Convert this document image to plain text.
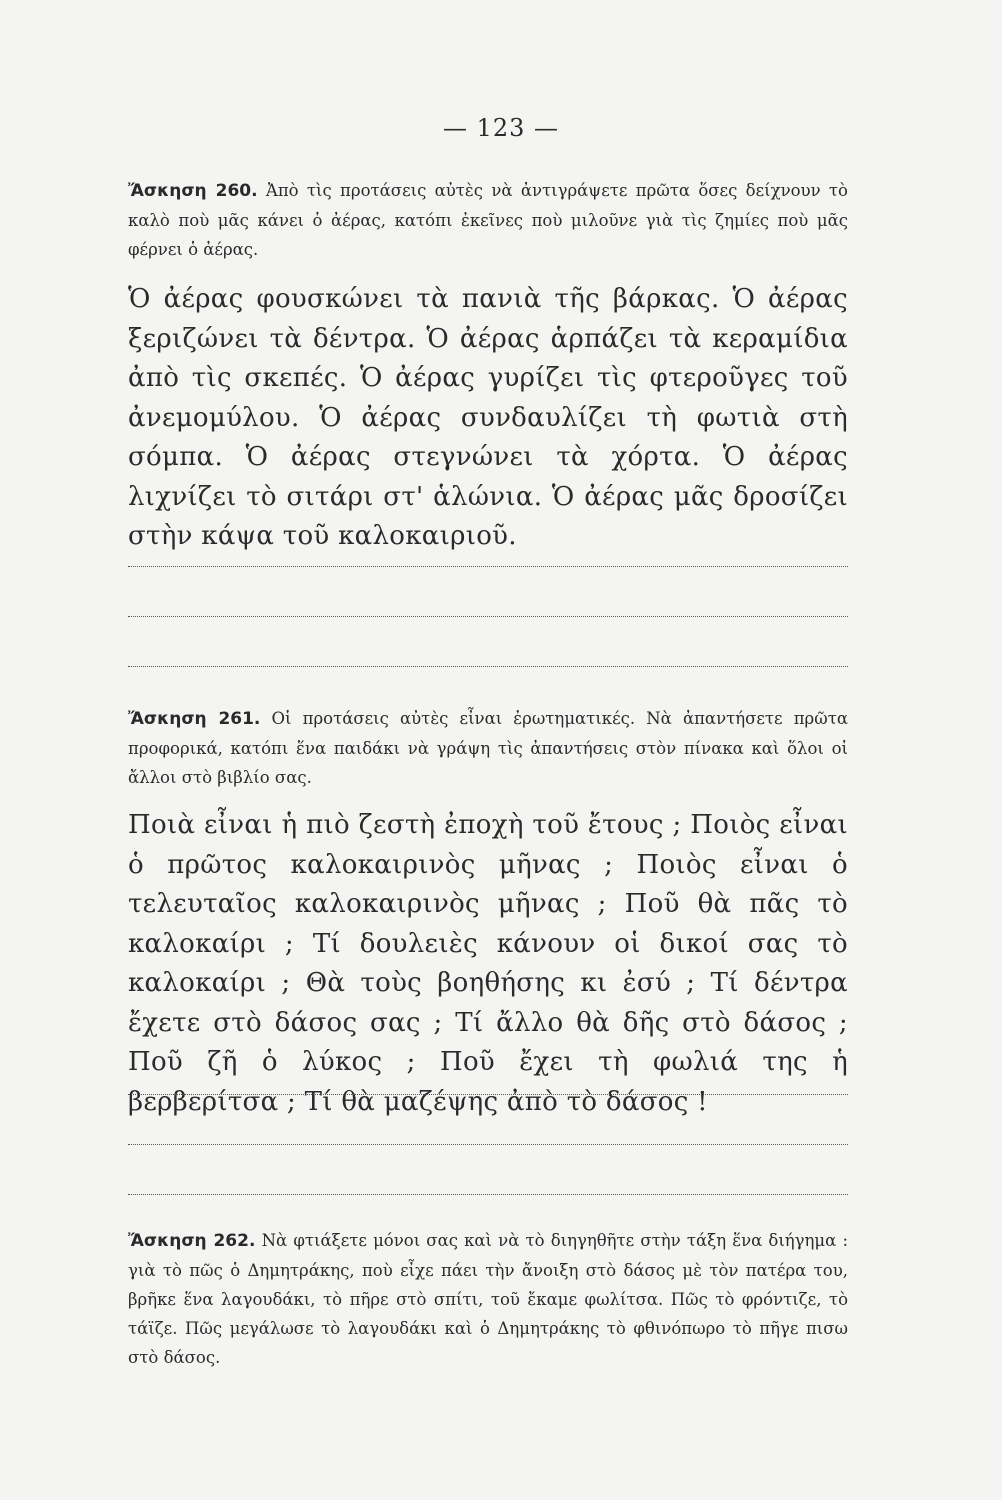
— 123 —

Ἄσκηση 260. Ἀπὸ τὶς προτάσεις αὐτὲς νὰ ἀντιγράψετε πρῶτα ὅσες δείχνουν τὸ καλὸ ποὺ μᾶς κάνει ὁ ἀέρας, κατόπι ἐκεῖνες ποὺ μιλοῦνε γιὰ τὶς ζημίες ποὺ μᾶς φέρνει ὁ ἀέρας.

Ὁ ἀέρας φουσκώνει τὰ πανιὰ τῆς βάρκας. Ὁ ἀέρας ξεριζώνει τὰ δέντρα. Ὁ ἀέρας ἁρπάζει τὰ κεραμίδια ἀπὸ τὶς σκεπές. Ὁ ἀέρας γυρίζει τὶς φτεροῦγες τοῦ ἀνεμομύλου. Ὁ ἀέρας συνδαυλίζει τὴ φωτιὰ στὴ σόμπα. Ὁ ἀέρας στεγνώνει τὰ χόρτα. Ὁ ἀέρας λιχνίζει τὸ σιτάρι στ' ἁλώνια. Ὁ ἀέρας μᾶς δροσίζει στὴν κάψα τοῦ καλοκαιριοῦ.

Ἄσκηση 261. Οἱ προτάσεις αὐτὲς εἶναι ἐρωτηματικές. Νὰ ἀπαντήσετε πρῶτα προφορικά, κατόπι ἕνα παιδάκι νὰ γράψη τὶς ἀπαντήσεις στὸν πίνακα καὶ ὅλοι οἱ ἄλλοι στὸ βιβλίο σας.

Ποιὰ εἶναι ἡ πιὸ ζεστὴ ἐποχὴ τοῦ ἔτους ; Ποιὸς εἶναι ὁ πρῶτος καλοκαιρινὸς μῆνας ; Ποιὸς εἶναι ὁ τελευταῖος καλοκαιρινὸς μῆνας ; Ποῦ θὰ πᾶς τὸ καλοκαίρι ; Τί δουλειὲς κάνουν οἱ δικοί σας τὸ καλοκαίρι ; Θὰ τοὺς βοηθήσης κι ἐσύ ; Τί δέντρα ἔχετε στὸ δάσος σας ; Τί ἄλλο θὰ δῆς στὸ δάσος ; Ποῦ ζῆ ὁ λύκος ; Ποῦ ἔχει τὴ φωλιά της ἡ βερβερίτσα ; Τί θὰ μαζέψης ἀπὸ τὸ δάσος !

Ἄσκηση 262. Νὰ φτιάξετε μόνοι σας καὶ νὰ τὸ διηγηθῆτε στὴν τάξη ἕνα διήγημα : γιὰ τὸ πῶς ὁ Δημητράκης, ποὺ εἶχε πάει τὴν ἄνοιξη στὸ δάσος μὲ τὸν πατέρα του, βρῆκε ἕνα λαγουδάκι, τὸ πῆρε στὸ σπίτι, τοῦ ἔκαμε φωλίτσα. Πῶς τὸ φρόντιζε, τὸ τάϊζε. Πῶς μεγάλωσε τὸ λαγουδάκι καὶ ὁ Δημητράκης τὸ φθινόπωρο τὸ πῆγε πισω στὸ δάσος.
